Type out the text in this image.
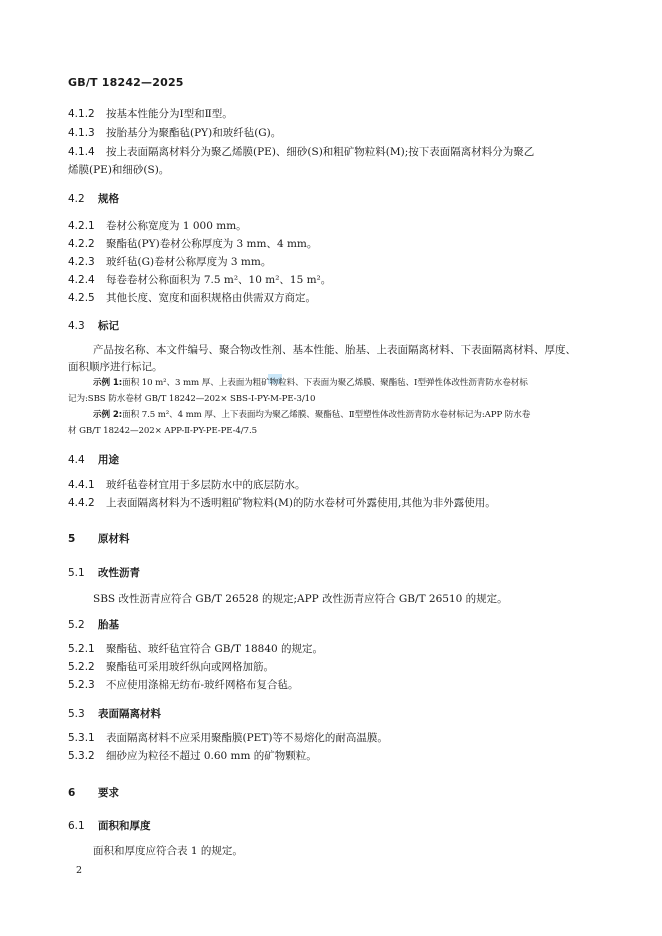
GB/T 18242—2025
4.1.2 按基本性能分为Ⅰ型和Ⅱ型。
4.1.3 按胎基分为聚酯毡(PY)和玻纤毡(G)。
4.1.4 按上表面隔离材料分为聚乙烯膜(PE)、细砂(S)和粗矿物粒料(M);按下表面隔离材料分为聚乙
烯膜(PE)和细砂(S)。
4.2 规格
4.2.1 卷材公称宽度为 1 000 mm。
4.2.2 聚酯毡(PY)卷材公称厚度为 3 mm、4 mm。
4.2.3 玻纤毡(G)卷材公称厚度为 3 mm。
4.2.4 每卷卷材公称面积为 7.5 m²、10 m²、15 m²。
4.2.5 其他长度、宽度和面积规格由供需双方商定。
4.3 标记
产品按名称、本文件编号、聚合物改性剂、基本性能、胎基、上表面隔离材料、下表面隔离材料、厚度、
面积顺序进行标记。
示例 1:面积 10 m²、3 mm 厚、上表面为粗矿物粒料、下表面为聚乙烯膜、聚酯毡、Ⅰ型弹性体改性沥青防水卷材标
记为:SBS 防水卷材 GB/T 18242—202× SBS-Ⅰ-PY-M-PE-3/10
示例 2:面积 7.5 m²、4 mm 厚、上下表面均为聚乙烯膜、聚酯毡、Ⅱ型塑性体改性沥青防水卷材标记为:APP 防水卷
材 GB/T 18242—202× APP-Ⅱ-PY-PE-PE-4/7.5
4.4 用途
4.4.1 玻纤毡卷材宜用于多层防水中的底层防水。
4.4.2 上表面隔离材料为不透明粗矿物粒料(M)的防水卷材可外露使用,其他为非外露使用。
5 原材料
5.1 改性沥青
SBS 改性沥青应符合 GB/T 26528 的规定;APP 改性沥青应符合 GB/T 26510 的规定。
5.2 胎基
5.2.1 聚酯毡、玻纤毡宜符合 GB/T 18840 的规定。
5.2.2 聚酯毡可采用玻纤纵向或网格加筋。
5.2.3 不应使用涤棉无纺布-玻纤网格布复合毡。
5.3 表面隔离材料
5.3.1 表面隔离材料不应采用聚酯膜(PET)等不易熔化的耐高温膜。
5.3.2 细砂应为粒径不超过 0.60 mm 的矿物颗粒。
6 要求
6.1 面积和厚度
面积和厚度应符合表 1 的规定。
2
